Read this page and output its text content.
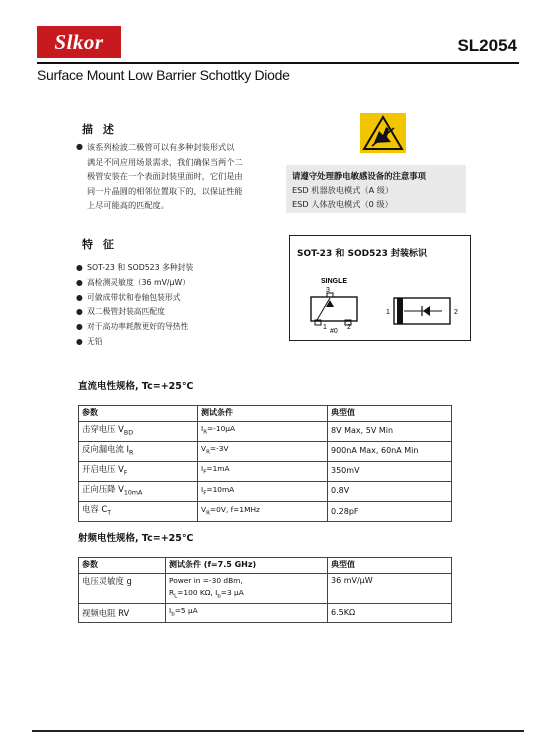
Slkor	SL2054
Surface Mount Low Barrier Schottky Diode
描 述
● 该系列检波二极管可以有多种封装形式以
满足不同应用场景需求，我们确保当两个二
极管安装在一个表面封装里面时，它们是由
同一片晶圆的相邻位置取下的，以保证性能
上尽可能高的匹配度。
请遵守处理静电敏感设备的注意事项
ESD 机器放电模式（A 级）
ESD 人体放电模式（0 级）
特 征
● SOT-23 和 SOD523 多种封装
● 高检测灵敏度（36 mV/μW）
● 可做成带状和卷轴包装形式
● 双二极管封装高匹配度
● 对于高功率耗散更好的导热性
● 无铅
SOT-23 和 SOD523 封装标识
SINGLE
3
1	2
#0
1	2
直流电性规格, Tc=+25℃
参数	测试条件	典型值
击穿电压 $V_{BD}$	$I_R=-10\mu A$	8V Max, 5V Min
反向漏电流 $I_R$	$V_R=-3V$	900nA Max, 60nA Min
开启电压 $V_F$	$I_F=1mA$	350mV
正向压降 $V_{10mA}$	$I_F=10mA$	0.8V
电容 $C_T$	$V_R=0V$, f=1MHz	0.28pF
射频电性规格, Tc=+25℃
参数	测试条件 (f=7.5 GHz)	典型值
电压灵敏度 g	Power in =-30 dBm,
$R_L=100$ KΩ, $I_b=3$ μA	36 mV/μW
视频电阻 RV	$I_b=5$ μA	6.5KΩ
